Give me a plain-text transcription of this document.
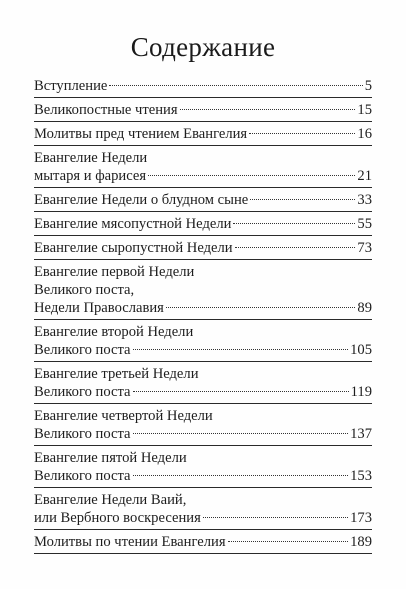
Содержание
Вступление	5
Великопостные чтения	15
Молитвы пред чтением Евангелия	16
Евангелие Недели
мытаря и фарисея	21
Евангелие Недели о блудном сыне	33
Евангелие мясопустной Недели	55
Евангелие сыропустной Недели	73
Евангелие первой Недели
Великого поста,
Недели Православия	89
Евангелие второй Недели
Великого поста	105
Евангелие третьей Недели
Великого поста	119
Евангелие четвертой Недели
Великого поста	137
Евангелие пятой Недели
Великого поста	153
Евангелие Недели Ваий,
или Вербного воскресения	173
Молитвы по чтении Евангелия	189
